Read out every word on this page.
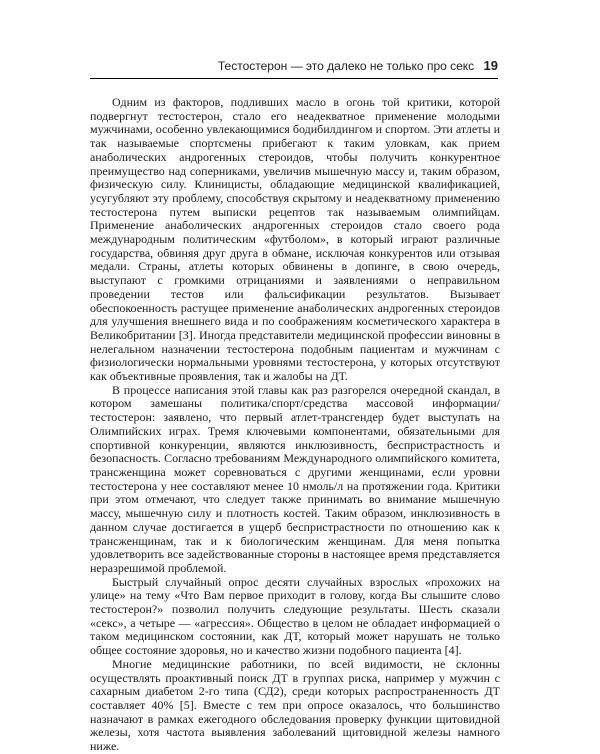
Тестостерон — это далеко не только про секс 19

Одним из факторов, подливших масло в огонь той критики, которой подвергнут тестостерон, стало его неадекватное применение молодыми мужчинами, особенно увлекающимися бодибилдингом и спортом. Эти атлеты и так называемые спортсмены прибегают к таким уловкам, как прием анаболических андрогенных стероидов, чтобы получить конкурентное преимущество над соперниками, увеличив мышечную массу и, таким образом, физическую силу. Клиницисты, обладающие медицинской квалификацией, усугубляют эту проблему, способствуя скрытому и неадекватному применению тестостерона путем выписки рецептов так называемым олимпийцам. Применение анаболических андрогенных стероидов стало своего рода международным политическим «футболом», в который играют различные государства, обвиняя друг друга в обмане, исключая конкурентов или отзывая медали. Страны, атлеты которых обвинены в допинге, в свою очередь, выступают с громкими отрицаниями и заявлениями о неправильном проведении тестов или фальсификации результатов. Вызывает обеспокоенность растущее применение анаболических андрогенных стероидов для улучшения внешнего вида и по соображениям косметического характера в Великобритании [3]. Иногда представители медицинской профессии виновны в нелегальном назначении тестостерона подобным пациентам и мужчинам с физиологически нормальными уровнями тестостерона, у которых отсутствуют как объективные проявления, так и жалобы на ДТ.

В процессе написания этой главы как раз разгорелся очередной скандал, в котором замешаны политика/спорт/средства массовой информации/тестостерон: заявлено, что первый атлет-трансгендер будет выступать на Олимпийских играх. Тремя ключевыми компонентами, обязательными для спортивной конкуренции, являются инклюзивность, беспристрастность и безопасность. Согласно требованиям Международного олимпийского комитета, трансженщина может соревноваться с другими женщинами, если уровни тестостерона у нее составляют менее 10 нмоль/л на протяжении года. Критики при этом отмечают, что следует также принимать во внимание мышечную массу, мышечную силу и плотность костей. Таким образом, инклюзивность в данном случае достигается в ущерб беспристрастности по отношению как к трансженщинам, так и к биологическим женщинам. Для меня попытка удовлетворить все задействованные стороны в настоящее время представляется неразрешимой проблемой.

Быстрый случайный опрос десяти случайных взрослых «прохожих на улице» на тему «Что Вам первое приходит в голову, когда Вы слышите слово тестостерон?» позволил получить следующие результаты. Шесть сказали «секс», а четыре — «агрессия». Общество в целом не обладает информацией о таком медицинском состоянии, как ДТ, который может нарушать не только общее состояние здоровья, но и качество жизни подобного пациента [4].

Многие медицинские работники, по всей видимости, не склонны осуществлять проактивный поиск ДТ в группах риска, например у мужчин с сахарным диабетом 2-го типа (СД2), среди которых распространенность ДТ составляет 40% [5]. Вместе с тем при опросе оказалось, что большинство назначают в рамках ежегодного обследования проверку функции щитовидной железы, хотя частота выявления заболеваний щитовидной железы намного ниже.
